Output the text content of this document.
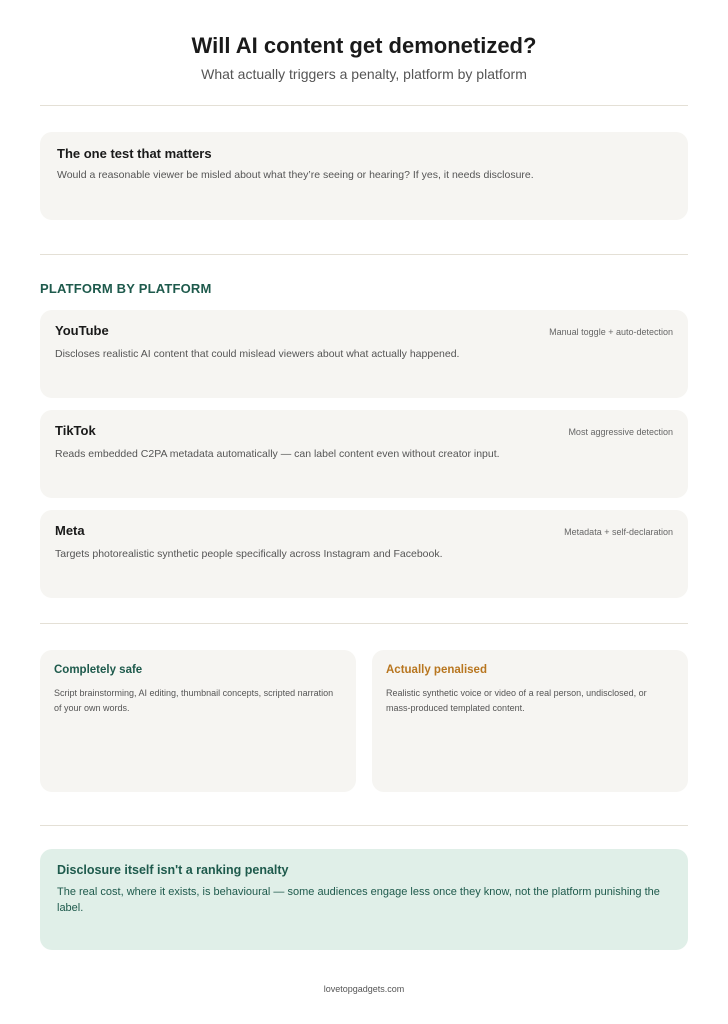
Will AI content get demonetized?
What actually triggers a penalty, platform by platform
The one test that matters
Would a reasonable viewer be misled about what they’re seeing or hearing? If yes, it needs disclosure.
PLATFORM BY PLATFORM
YouTube	Manual toggle + auto-detection
Discloses realistic AI content that could mislead viewers about what actually happened.
TikTok	Most aggressive detection
Reads embedded C2PA metadata automatically — can label content even without creator input.
Meta	Metadata + self-declaration
Targets photorealistic synthetic people specifically across Instagram and Facebook.
Completely safe
Script brainstorming, AI editing, thumbnail concepts, scripted narration of your own words.
Actually penalised
Realistic synthetic voice or video of a real person, undisclosed, or mass-produced templated content.
Disclosure itself isn't a ranking penalty
The real cost, where it exists, is behavioural — some audiences engage less once they know, not the platform punishing the label.
lovetopgadgets.com
